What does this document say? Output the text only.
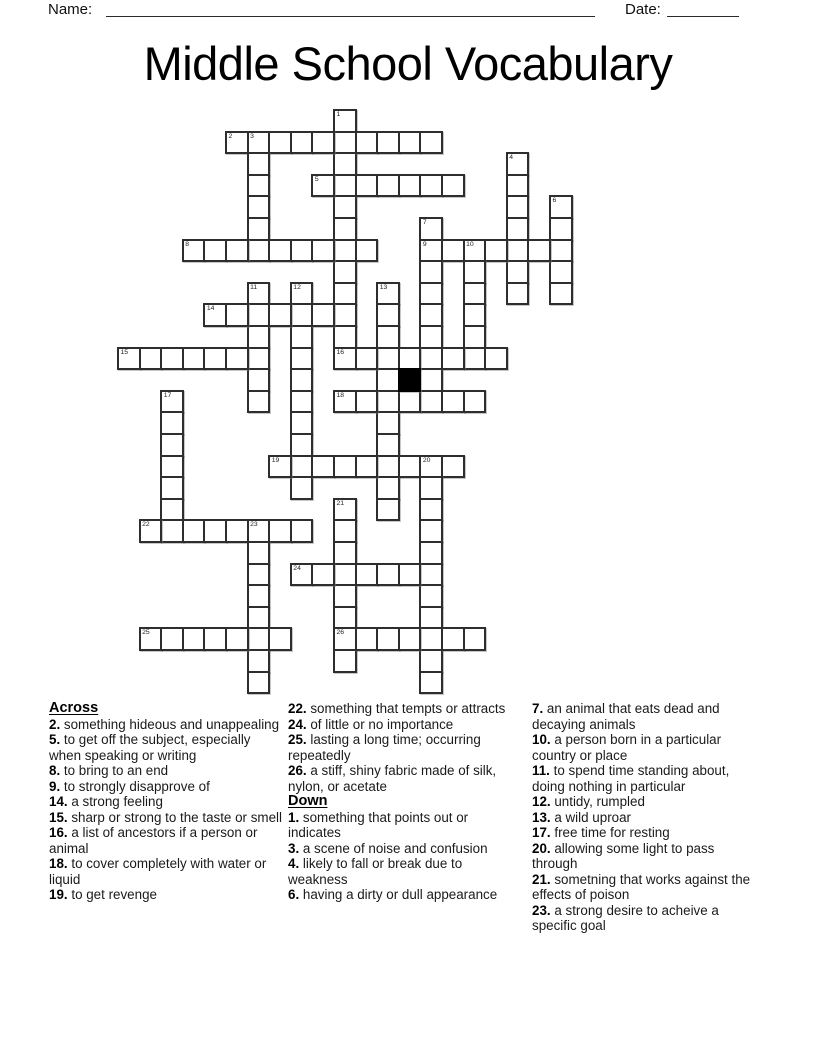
Name:	Date:
Middle School Vocabulary
1
16
2	3
4
5
6
7
9
8	10
11	12	13
14
15
17	18
19	20
21
26
22	23
24
25
Across
2. something hideous and unappealing
5. to get off the subject, especially when speaking or writing
8. to bring to an end
9. to strongly disapprove of
14. a strong feeling
15. sharp or strong to the taste or smell
16. a list of ancestors if a person or animal
18. to cover completely with water or liquid
19. to get revenge
22. something that tempts or attracts
24. of little or no importance
25. lasting a long time; occurring repeatedly
26. a stiff, shiny fabric made of silk, nylon, or acetate
Down
1. something that points out or indicates
3. a scene of noise and confusion
4. likely to fall or break due to weakness
6. having a dirty or dull appearance
7. an animal that eats dead and decaying animals
10. a person born in a particular country or place
11. to spend time standing about, doing nothing in particular
12. untidy, rumpled
13. a wild uproar
17. free time for resting
20. allowing some light to pass through
21. sometning that works against the effects of poison
23. a strong desire to acheive a specific goal
